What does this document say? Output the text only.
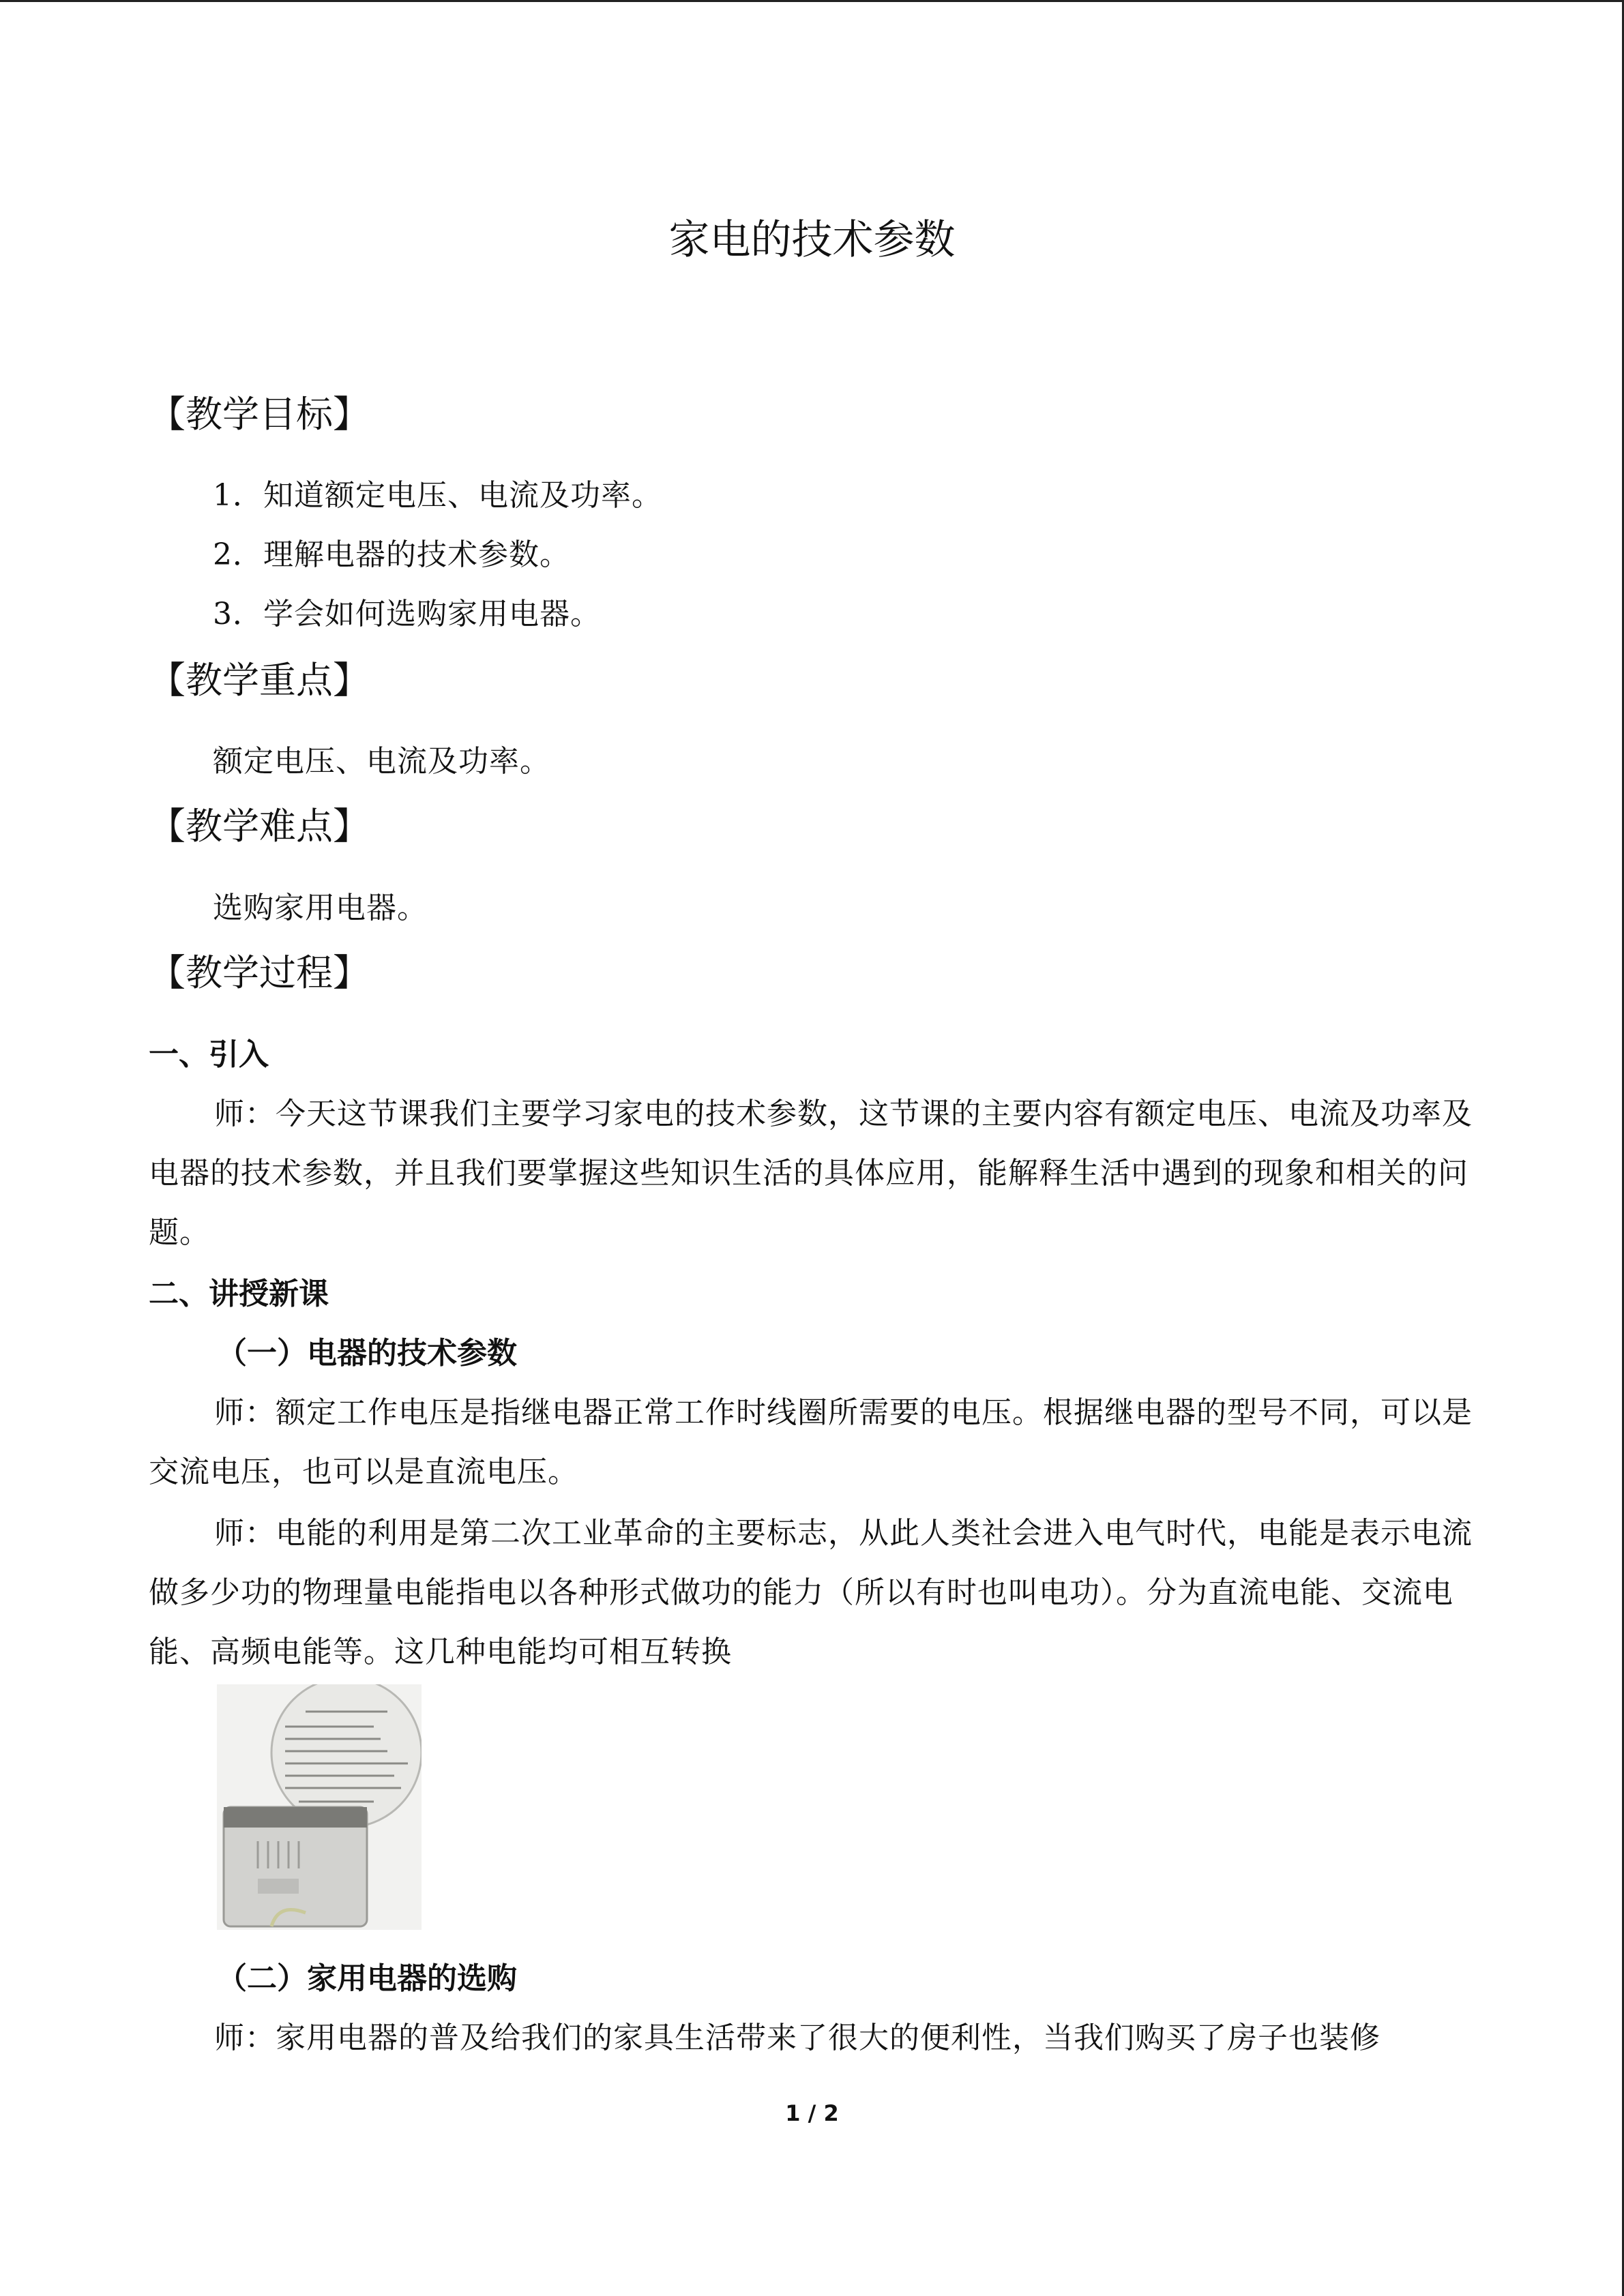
家电的技术参数
【教学目标】
1．知道额定电压、电流及功率。
2．理解电器的技术参数。
3．学会如何选购家用电器。
【教学重点】
额定电压、电流及功率。
【教学难点】
选购家用电器。
【教学过程】
一、引入
师：今天这节课我们主要学习家电的技术参数，这节课的主要内容有额定电压、电流及功率及电器的技术参数，并且我们要掌握这些知识生活的具体应用，能解释生活中遇到的现象和相关的问题。
二、讲授新课
（一）电器的技术参数
师：额定工作电压是指继电器正常工作时线圈所需要的电压。根据继电器的型号不同，可以是交流电压，也可以是直流电压。
师：电能的利用是第二次工业革命的主要标志，从此人类社会进入电气时代，电能是表示电流做多少功的物理量电能指电以各种形式做功的能力（所以有时也叫电功）。分为直流电能、交流电能、高频电能等。这几种电能均可相互转换
（二）家用电器的选购
师：家用电器的普及给我们的家具生活带来了很大的便利性，当我们购买了房子也装修
1 / 2
